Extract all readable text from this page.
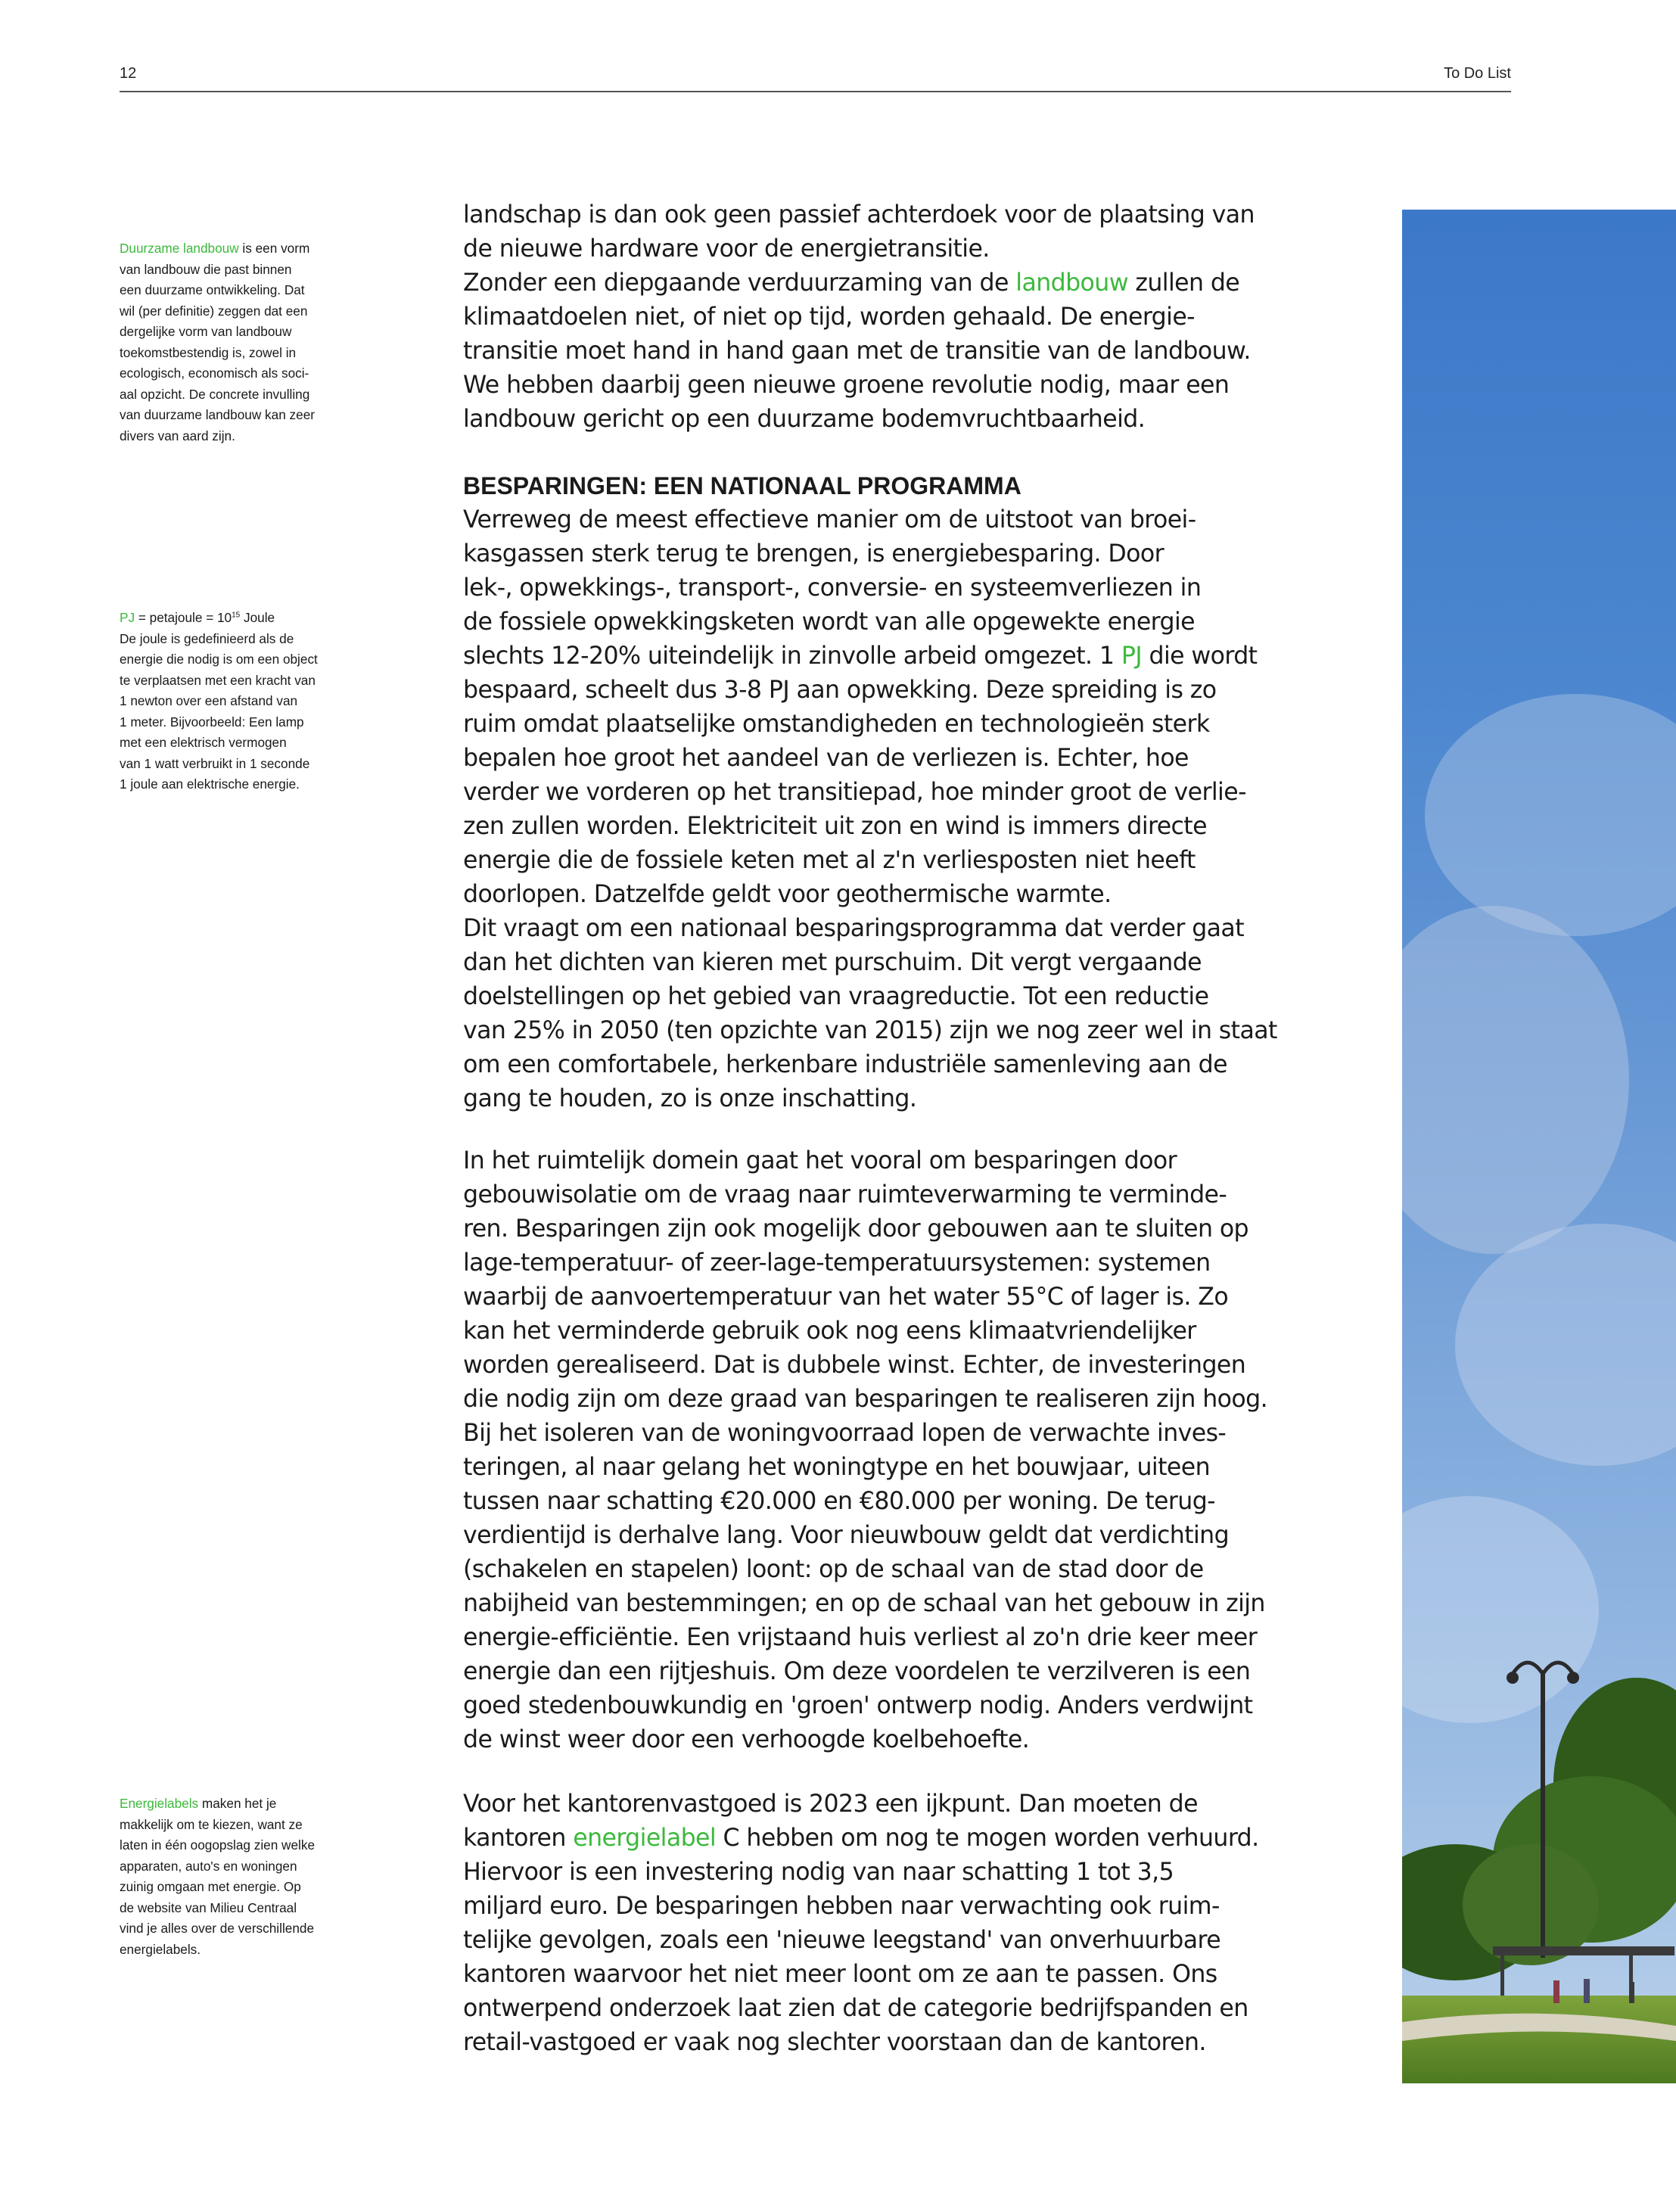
12	To Do List
Duurzame landbouw is een vorm
van landbouw die past binnen
een duurzame ontwikkeling. Dat
wil (per definitie) zeggen dat een
dergelijke vorm van landbouw
toekomstbestendig is, zowel in
ecologisch, economisch als soci-
aal opzicht. De concrete invulling
van duurzame landbouw kan zeer
divers van aard zijn.
PJ = petajoule = $10^{15}$ Joule
De joule is gedefinieerd als de
energie die nodig is om een object
te verplaatsen met een kracht van
1 newton over een afstand van
1 meter. Bijvoorbeeld: Een lamp
met een elektrisch vermogen
van 1 watt verbruikt in 1 seconde
1 joule aan elektrische energie.
Energielabels maken het je
makkelijk om te kiezen, want ze
laten in één oogopslag zien welke
apparaten, auto's en woningen
zuinig omgaan met energie. Op
de website van Milieu Centraal
vind je alles over de verschillende
energielabels.

landschap is dan ook geen passief achterdoek voor de plaatsing van

de nieuwe hardware voor de energietransitie.

Zonder een diepgaande verduurzaming van de landbouw zullen de

klimaatdoelen niet, of niet op tijd, worden gehaald. De energie-

transitie moet hand in hand gaan met de transitie van de landbouw.

We hebben daarbij geen nieuwe groene revolutie nodig, maar een

landbouw gericht op een duurzame bodemvruchtbaarheid.

BESPARINGEN: EEN NATIONAAL PROGRAMMA

Verreweg de meest effectieve manier om de uitstoot van broei-

kasgassen sterk terug te brengen, is energiebesparing. Door

lek-, opwekkings-, transport-, conversie- en systeemverliezen in

de fossiele opwekkingsketen wordt van alle opgewekte energie

slechts 12-20% uiteindelijk in zinvolle arbeid omgezet. 1 PJ die wordt

bespaard, scheelt dus 3-8 PJ aan opwekking. Deze spreiding is zo

ruim omdat plaatselijke omstandigheden en technologieën sterk

bepalen hoe groot het aandeel van de verliezen is. Echter, hoe

verder we vorderen op het transitiepad, hoe minder groot de verlie-

zen zullen worden. Elektriciteit uit zon en wind is immers directe

energie die de fossiele keten met al z'n verliesposten niet heeft

doorlopen. Datzelfde geldt voor geothermische warmte.

Dit vraagt om een nationaal besparingsprogramma dat verder gaat

dan het dichten van kieren met purschuim. Dit vergt vergaande

doelstellingen op het gebied van vraagreductie. Tot een reductie

van 25% in 2050 (ten opzichte van 2015) zijn we nog zeer wel in staat

om een comfortabele, herkenbare industriële samenleving aan de

gang te houden, zo is onze inschatting.

In het ruimtelijk domein gaat het vooral om besparingen door

gebouwisolatie om de vraag naar ruimteverwarming te verminde-

ren. Besparingen zijn ook mogelijk door gebouwen aan te sluiten op

lage-temperatuur- of zeer-lage-temperatuursystemen: systemen

waarbij de aanvoertemperatuur van het water 55°C of lager is. Zo

kan het verminderde gebruik ook nog eens klimaatvriendelijker

worden gerealiseerd. Dat is dubbele winst. Echter, de investeringen

die nodig zijn om deze graad van besparingen te realiseren zijn hoog.

Bij het isoleren van de woningvoorraad lopen de verwachte inves-

teringen, al naar gelang het woningtype en het bouwjaar, uiteen

tussen naar schatting €20.000 en €80.000 per woning. De terug-

verdientijd is derhalve lang. Voor nieuwbouw geldt dat verdichting

(schakelen en stapelen) loont: op de schaal van de stad door de

nabijheid van bestemmingen; en op de schaal van het gebouw in zijn

energie-efficiëntie. Een vrijstaand huis verliest al zo'n drie keer meer

energie dan een rijtjeshuis. Om deze voordelen te verzilveren is een

goed stedenbouwkundig en 'groen' ontwerp nodig. Anders verdwijnt

de winst weer door een verhoogde koelbehoefte.

Voor het kantorenvastgoed is 2023 een ijkpunt. Dan moeten de

kantoren energielabel C hebben om nog te mogen worden verhuurd.

Hiervoor is een investering nodig van naar schatting 1 tot 3,5

miljard euro. De besparingen hebben naar verwachting ook ruim-

telijke gevolgen, zoals een 'nieuwe leegstand' van onverhuurbare

kantoren waarvoor het niet meer loont om ze aan te passen. Ons

ontwerpend onderzoek laat zien dat de categorie bedrijfspanden en

retail-vastgoed er vaak nog slechter voorstaan dan de kantoren.
